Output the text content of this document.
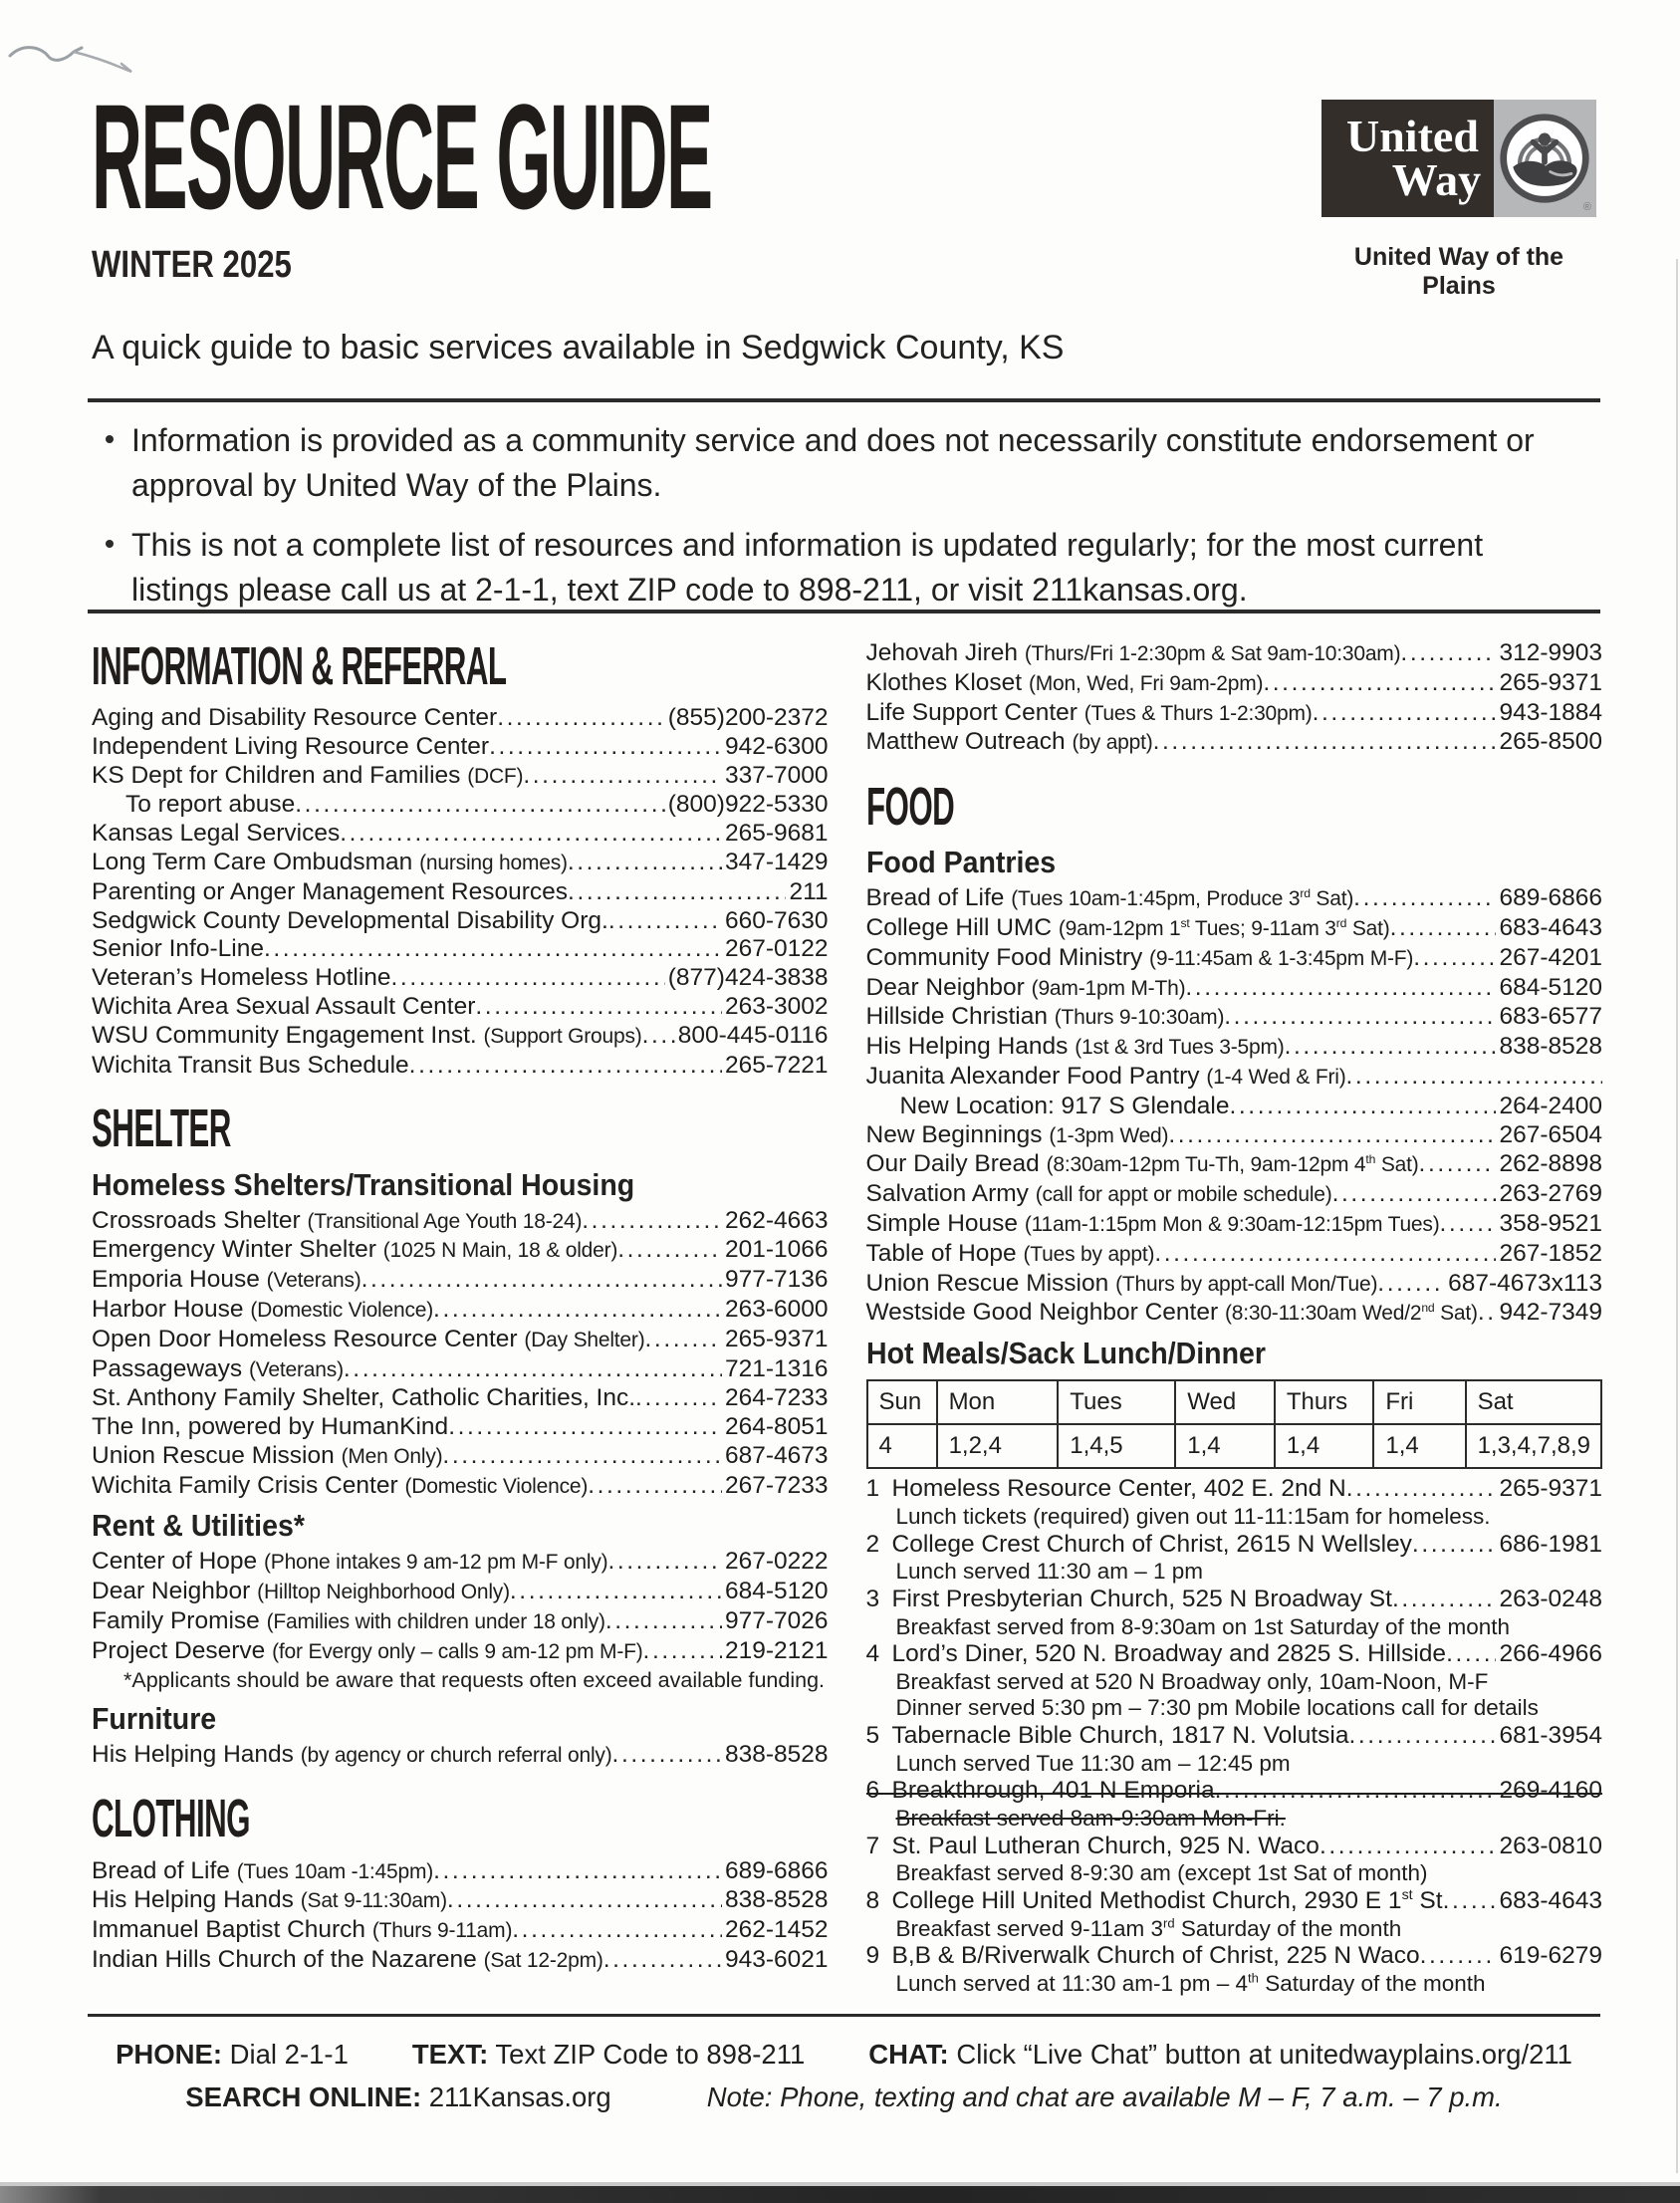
RESOURCE GUIDE
WINTER 2025
A quick guide to basic services available in Sedgwick County, KS
United
Way
®
United Way of the Plains
Information is provided as a community service and does not necessarily constitute endorsement or approval by United Way of the Plains.
This is not a complete list of resources and information is updated regularly; for the most current listings please call us at 2-1-1, text ZIP code to 898-211, or visit 211kansas.org.
INFORMATION & REFERRAL
Aging and Disability Resource Center .....	(855)200-2372
Independent Living Resource Center .....	942-6300
KS Dept for Children and Families (DCF) .....	337-7000
To report abuse .....	(800)922-5330
Kansas Legal Services .....	265-9681
Long Term Care Ombudsman (nursing homes) .....	347-1429
Parenting or Anger Management Resources .....	211
Sedgwick County Developmental Disability Org. .....	660-7630
Senior Info-Line .....	267-0122
Veteran’s Homeless Hotline .....	(877)424-3838
Wichita Area Sexual Assault Center .....	263-3002
WSU Community Engagement Inst. (Support Groups) ..... 800-445-0116
Wichita Transit Bus Schedule .....	265-7221
SHELTER
Homeless Shelters/Transitional Housing
Crossroads Shelter (Transitional Age Youth 18-24) .....	262-4663
Emergency Winter Shelter (1025 N Main, 18 & older) .....	201-1066
Emporia House (Veterans) .....	977-7136
Harbor House (Domestic Violence) .....	263-6000
Open Door Homeless Resource Center (Day Shelter) .....	265-9371
Passageways (Veterans) .....	721-1316
St. Anthony Family Shelter, Catholic Charities, Inc. .....	264-7233
The Inn, powered by HumanKind .....	264-8051
Union Rescue Mission (Men Only) .....	687-4673
Wichita Family Crisis Center (Domestic Violence) .....	267-7233
Rent & Utilities*
Center of Hope (Phone intakes 9 am-12 pm M-F only) .....	267-0222
Dear Neighbor (Hilltop Neighborhood Only) .....	684-5120
Family Promise (Families with children under 18 only) .....	977-7026
Project Deserve (for Evergy only – calls 9 am-12 pm M-F) .....	219-2121
*Applicants should be aware that requests often exceed available funding.
Furniture
His Helping Hands (by agency or church referral only) .....	838-8528
CLOTHING
Bread of Life (Tues 10am -1:45pm) .....	689-6866
His Helping Hands (Sat 9-11:30am) .....	838-8528
Immanuel Baptist Church (Thurs 9-11am) .....	262-1452
Indian Hills Church of the Nazarene (Sat 12-2pm) .....	943-6021
Jehovah Jireh (Thurs/Fri 1-2:30pm & Sat 9am-10:30am) .....	312-9903
Klothes Kloset (Mon, Wed, Fri 9am-2pm) .....	265-9371
Life Support Center (Tues & Thurs 1-2:30pm) .....	943-1884
Matthew Outreach (by appt) .....	265-8500
FOOD
Food Pantries
Bread of Life (Tues 10am-1:45pm, Produce 3rd Sat) .....	689-6866
College Hill UMC (9am-12pm 1st Tues; 9-11am 3rd Sat) .....	683-4643
Community Food Ministry (9-11:45am & 1-3:45pm M-F) .....	267-4201
Dear Neighbor (9am-1pm M-Th) .....	684-5120
Hillside Christian (Thurs 9-10:30am) .....	683-6577
His Helping Hands (1st & 3rd Tues 3-5pm) .....	838-8528
Juanita Alexander Food Pantry (1-4 Wed & Fri)
.....
New Location: 917 S Glendale .....	264-2400
New Beginnings (1-3pm Wed) .....	267-6504
Our Daily Bread (8:30am-12pm Tu-Th, 9am-12pm 4th Sat) .....	262-8898
Salvation Army (call for appt or mobile schedule) .....	263-2769
Simple House (11am-1:15pm Mon & 9:30am-12:15pm Tues) ..... 358-9521
Table of Hope (Tues by appt) .....	267-1852
Union Rescue Mission (Thurs by appt-call Mon/Tue) .....	687-4673x113
Westside Good Neighbor Center (8:30-11:30am Wed/2nd Sat) ..... 942-7349
Hot Meals/Sack Lunch/Dinner
Sun	Mon	Tues	Wed	Thurs	Fri	Sat
4	1,2,4	1,4,5	1,4	1,4	1,4	1,3,4,7,8,9
1 Homeless Resource Center, 402 E. 2nd N .....	265-9371
Lunch tickets (required) given out 11-11:15am for homeless.
2 College Crest Church of Christ, 2615 N Wellsley .....	686-1981
Lunch served 11:30 am – 1 pm
3 First Presbyterian Church, 525 N Broadway St .....	263-0248
Breakfast served from 8-9:30am on 1st Saturday of the month
4 Lord’s Diner, 520 N. Broadway and 2825 S. Hillside ..... 266-4966
Breakfast served at 520 N Broadway only, 10am-Noon, M-F
Dinner served 5:30 pm – 7:30 pm Mobile locations call for details
5 Tabernacle Bible Church, 1817 N. Volutsia .....	681-3954
Lunch served Tue 11:30 am – 12:45 pm
6 Breakthrough, 401 N Emporia .....	269-4160
Breakfast served 8am-9:30am Mon-Fri.
7 St. Paul Lutheran Church, 925 N. Waco .....	263-0810
Breakfast served 8-9:30 am (except 1st Sat of month)
8 College Hill United Methodist Church, 2930 E 1st St ..... 683-4643
Breakfast served 9-11am 3rd Saturday of the month
9 B,B & B/Riverwalk Church of Christ, 225 N Waco .....	619-6279
Lunch served at 11:30 am-1 pm – 4th Saturday of the month
PHONE: Dial 2-1-1 TEXT: Text ZIP Code to 898-211 CHAT: Click “Live Chat” button at unitedwayplains.org/211
SEARCH ONLINE: 211Kansas.org	Note: Phone, texting and chat are available M – F, 7 a.m. – 7 p.m.
